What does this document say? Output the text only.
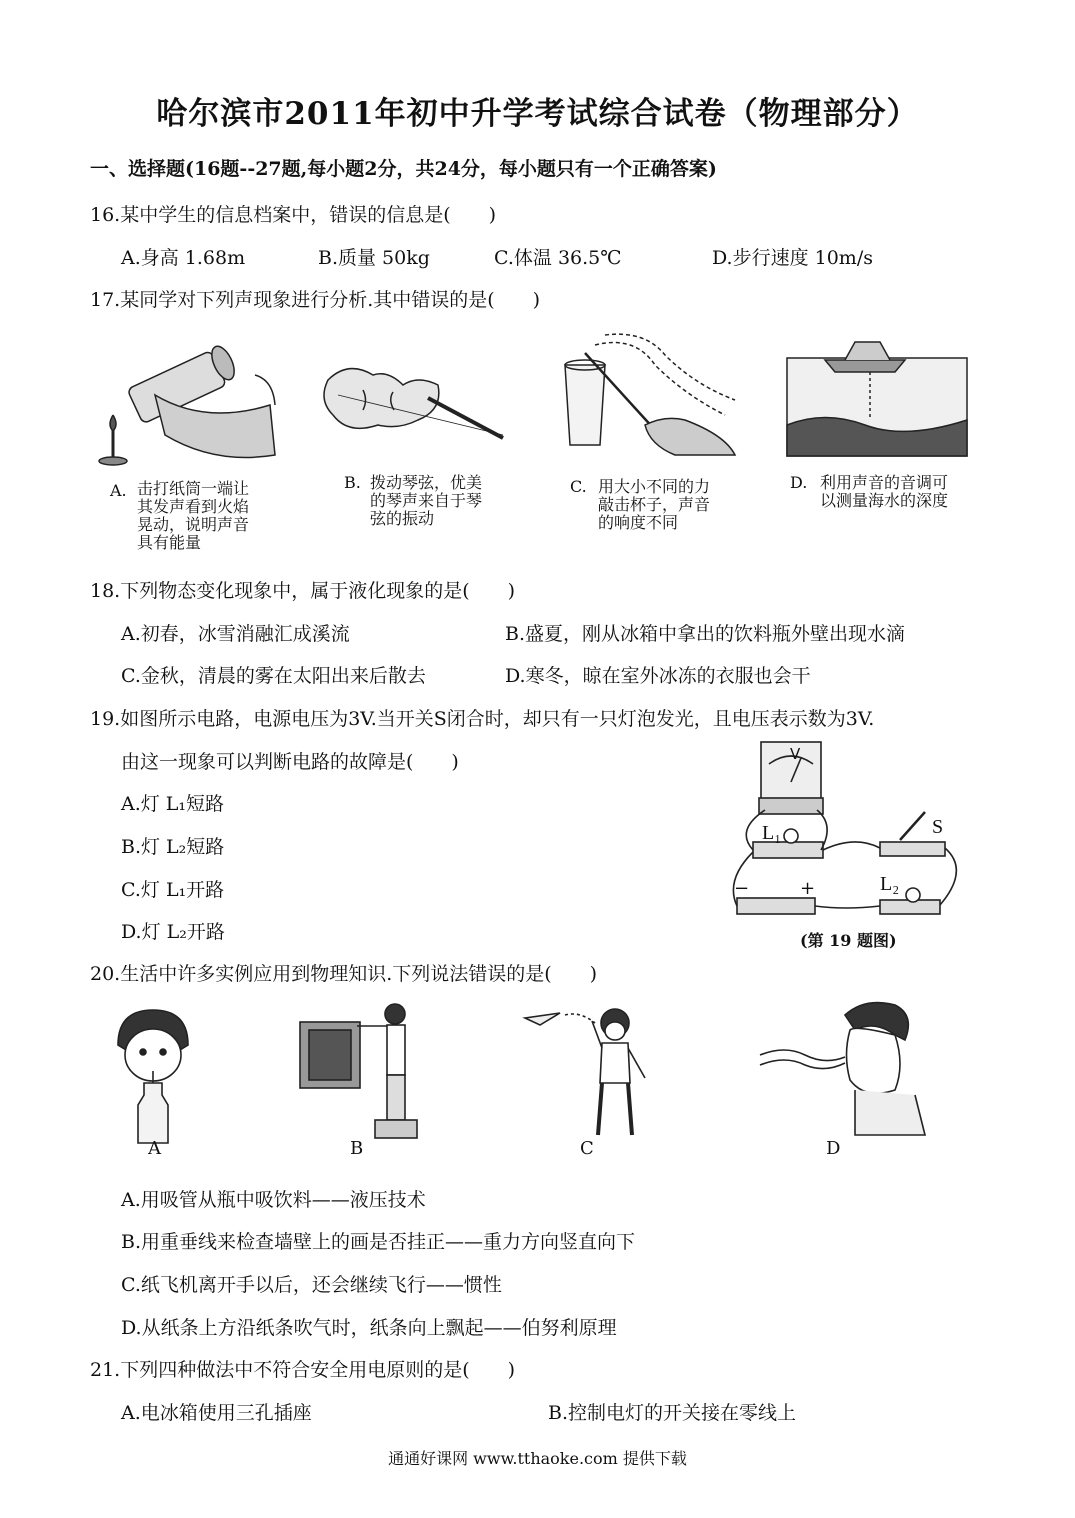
哈尔滨市2011年初中升学考试综合试卷（物理部分）
一、选择题(16题--27题,每小题2分，共24分，每小题只有一个正确答案)
16.某中学生的信息档案中，错误的信息是(　　)
A.身高 1.68m	B.质量 50kg	C.体温 36.5℃	D.步行速度 10m/s
17.某同学对下列声现象进行分析.其中错误的是(　　)
A. 击打纸筒一端让
其发声看到火焰
晃动，说明声音
具有能量
B. 拨动琴弦，优美
的琴声来自于琴
弦的振动
C. 用大小不同的力
敲击杯子，声音
的响度不同
D. 利用声音的音调可
以测量海水的深度
18.下列物态变化现象中，属于液化现象的是(　　)
A.初春，冰雪消融汇成溪流	B.盛夏，刚从冰箱中拿出的饮料瓶外壁出现水滴
C.金秋，清晨的雾在太阳出来后散去	D.寒冬，晾在室外冰冻的衣服也会干
19.如图所示电路，电源电压为3V.当开关S闭合时，却只有一只灯泡发光，且电压表示数为3V.
由这一现象可以判断电路的故障是(　　)
A.灯 L₁短路
B.灯 L₂短路
C.灯 L₁开路
D.灯 L₂开路
V
L₁	S
L₂
−	+
(第 19 题图)
20.生活中许多实例应用到物理知识.下列说法错误的是(　　)
A	B	C	D
A.用吸管从瓶中吸饮料——液压技术
B.用重垂线来检查墙壁上的画是否挂正——重力方向竖直向下
C.纸飞机离开手以后，还会继续飞行——惯性
D.从纸条上方沿纸条吹气时，纸条向上飘起——伯努利原理
21.下列四种做法中不符合安全用电原则的是(　　)
A.电冰箱使用三孔插座	B.控制电灯的开关接在零线上
通通好课网 www.tthaoke.com 提供下载
